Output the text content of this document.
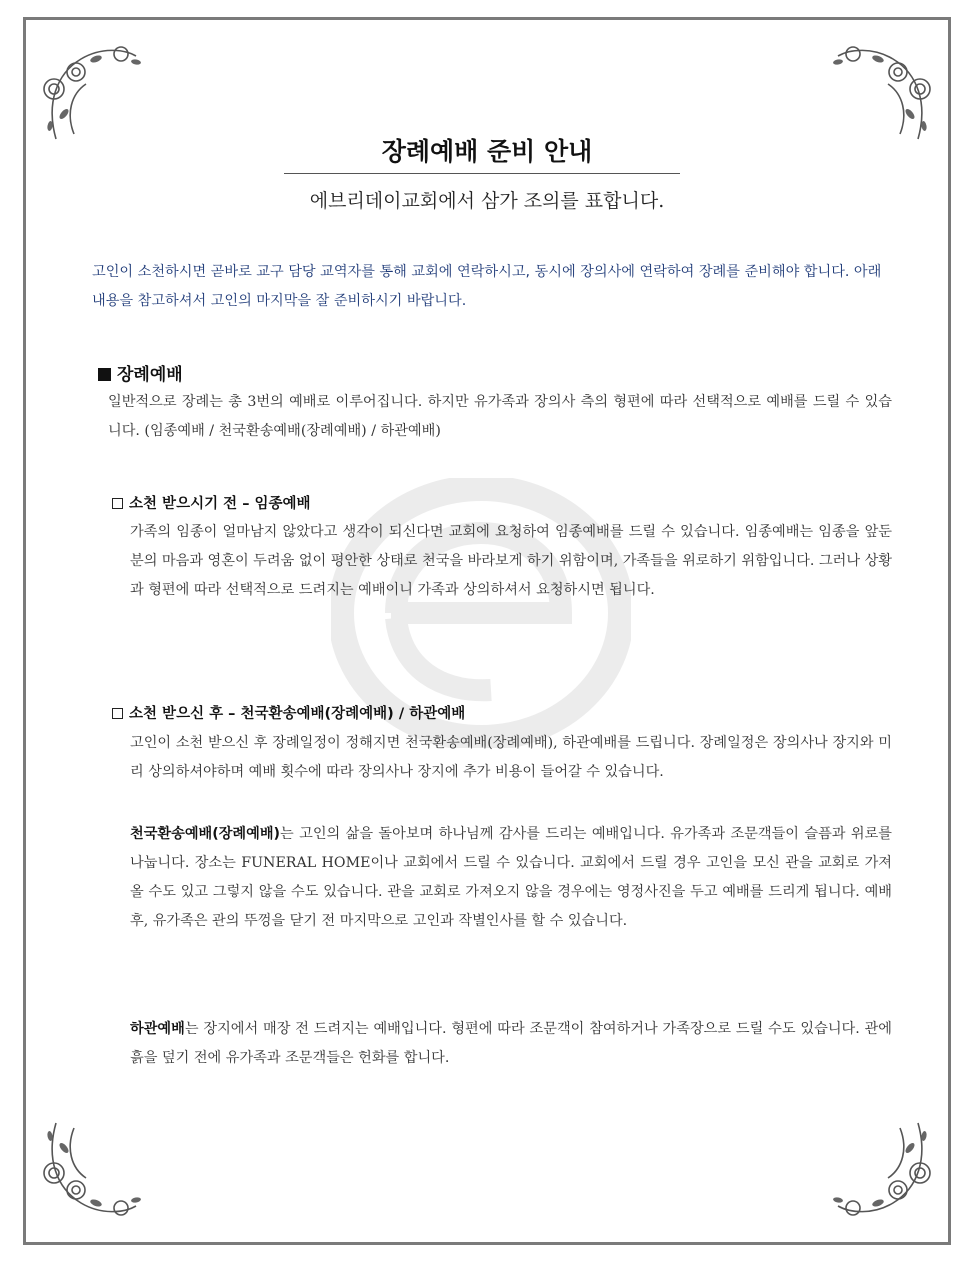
장례예배 준비 안내
에브리데이교회에서 삼가 조의를 표합니다.

고인이 소천하시면 곧바로 교구 담당 교역자를 통해 교회에 연락하시고, 동시에 장의사에 연락하여 장례를 준비해야 합니다. 아래 내용을 참고하셔서 고인의 마지막을 잘 준비하시기 바랍니다.

장례예배

일반적으로 장례는 총 3번의 예배로 이루어집니다. 하지만 유가족과 장의사 측의 형편에 따라 선택적으로 예배를 드릴 수 있습니다. (임종예배 / 천국환송예배(장례예배) / 하관예배)

소천 받으시기 전 – 임종예배

가족의 임종이 얼마남지 않았다고 생각이 되신다면 교회에 요청하여 임종예배를 드릴 수 있습니다. 임종예배는 임종을 앞둔 분의 마음과 영혼이 두려움 없이 평안한 상태로 천국을 바라보게 하기 위함이며, 가족들을 위로하기 위함입니다. 그러나 상황과 형편에 따라 선택적으로 드려지는 예배이니 가족과 상의하셔서 요청하시면 됩니다.

소천 받으신 후 – 천국환송예배(장례예배) / 하관예배

고인이 소천 받으신 후 장례일정이 정해지면 천국환송예배(장례예배), 하관예배를 드립니다. 장례일정은 장의사나 장지와 미리 상의하셔야하며 예배 횟수에 따라 장의사나 장지에 추가 비용이 들어갈 수 있습니다.

천국환송예배(장례예배)는 고인의 삶을 돌아보며 하나님께 감사를 드리는 예배입니다. 유가족과 조문객들이 슬픔과 위로를 나눕니다. 장소는 FUNERAL HOME이나 교회에서 드릴 수 있습니다. 교회에서 드릴 경우 고인을 모신 관을 교회로 가져올 수도 있고 그렇지 않을 수도 있습니다. 관을 교회로 가져오지 않을 경우에는 영정사진을 두고 예배를 드리게 됩니다. 예배 후, 유가족은 관의 뚜껑을 닫기 전 마지막으로 고인과 작별인사를 할 수 있습니다.

하관예배는 장지에서 매장 전 드려지는 예배입니다. 형편에 따라 조문객이 참여하거나 가족장으로 드릴 수도 있습니다. 관에 흙을 덮기 전에 유가족과 조문객들은 헌화를 합니다.
